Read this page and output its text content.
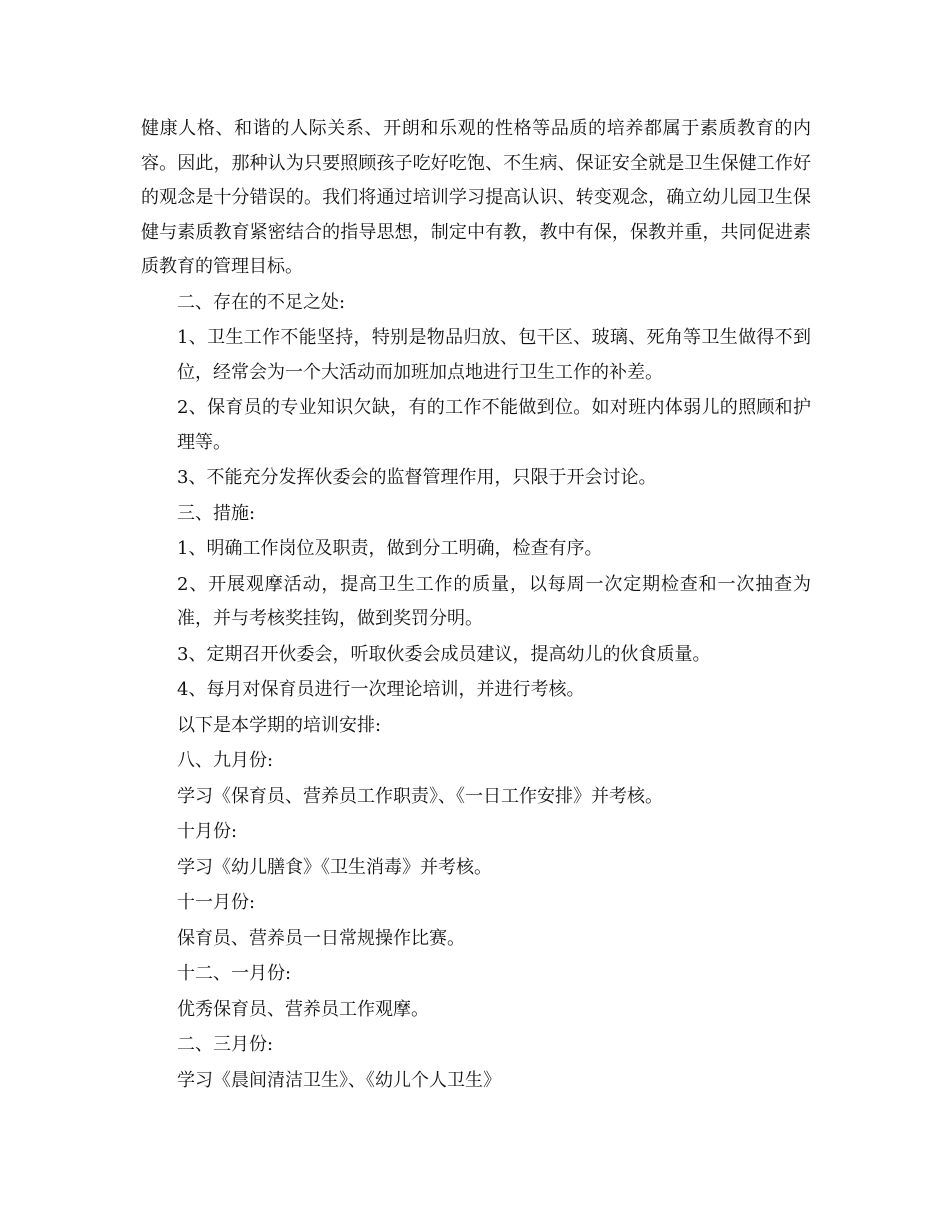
健康人格、和谐的人际关系、开朗和乐观的性格等品质的培养都属于素质教育的内容。因此，那种认为只要照顾孩子吃好吃饱、不生病、保证安全就是卫生保健工作好的观念是十分错误的。我们将通过培训学习提高认识、转变观念，确立幼儿园卫生保健与素质教育紧密结合的指导思想，制定中有教，教中有保，保教并重，共同促进素质教育的管理目标。

二、存在的不足之处:

1、卫生工作不能坚持，特别是物品归放、包干区、玻璃、死角等卫生做得不到位，经常会为一个大活动而加班加点地进行卫生工作的补差。

2、保育员的专业知识欠缺，有的工作不能做到位。如对班内体弱儿的照顾和护理等。

3、不能充分发挥伙委会的监督管理作用，只限于开会讨论。

三、措施:

1、明确工作岗位及职责，做到分工明确，检查有序。

2、开展观摩活动，提高卫生工作的质量，以每周一次定期检查和一次抽查为准，并与考核奖挂钩，做到奖罚分明。

3、定期召开伙委会，听取伙委会成员建议，提高幼儿的伙食质量。

4、每月对保育员进行一次理论培训，并进行考核。

以下是本学期的培训安排:

八、九月份:

学习《保育员、营养员工作职责》、《一日工作安排》并考核。

十月份:

学习《幼儿膳食》《卫生消毒》并考核。

十一月份:

保育员、营养员一日常规操作比赛。

十二、一月份:

优秀保育员、营养员工作观摩。

二、三月份:

学习《晨间清洁卫生》、《幼儿个人卫生》
